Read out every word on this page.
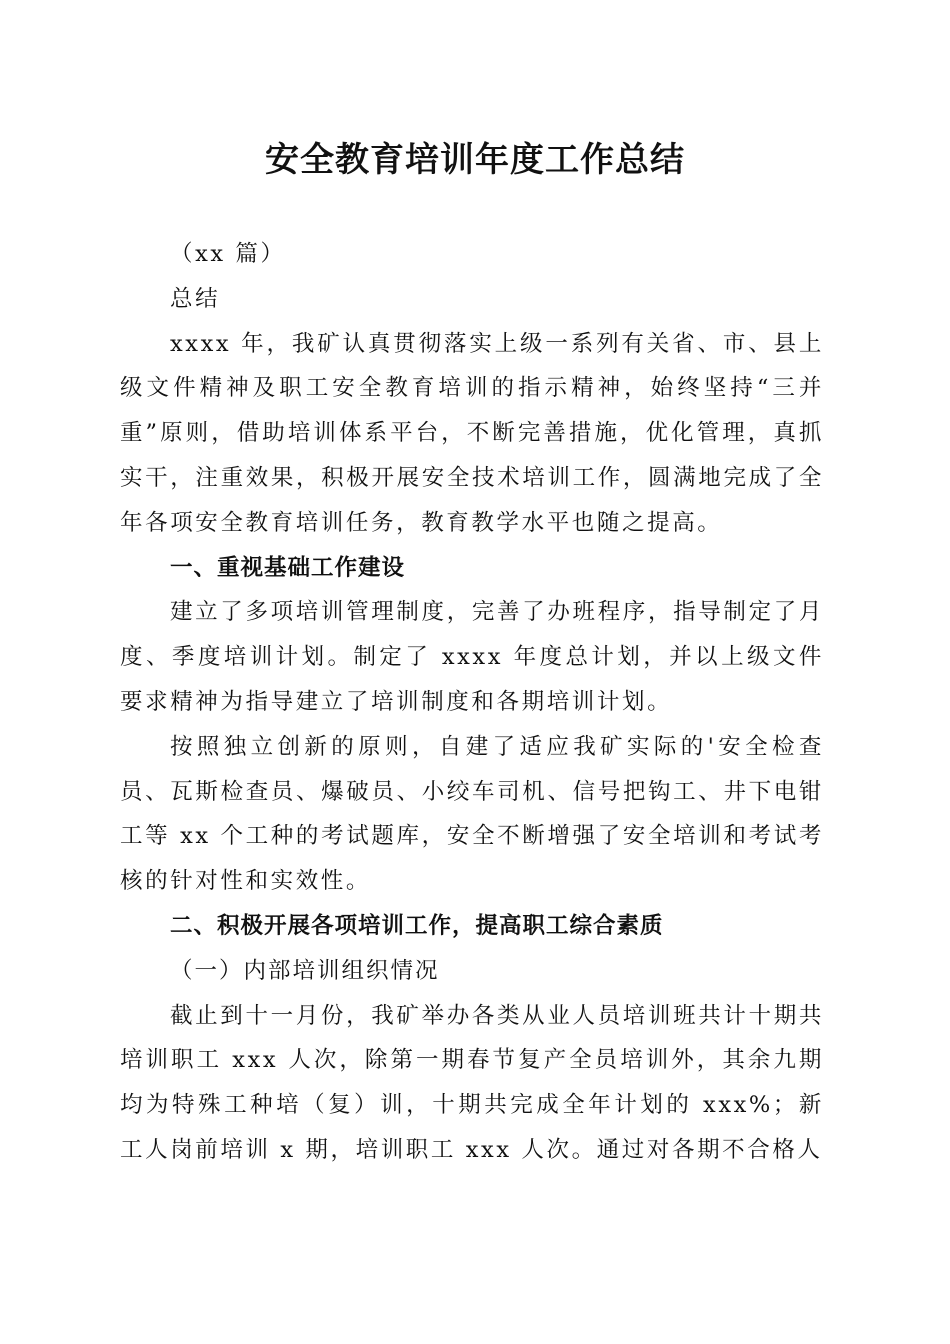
安全教育培训年度工作总结

（xx 篇）

总结

xxxx 年，我矿认真贯彻落实上级一系列有关省、市、县上级文件精神及职工安全教育培训的指示精神，始终坚持“三并重”原则，借助培训体系平台，不断完善措施，优化管理，真抓实干，注重效果，积极开展安全技术培训工作，圆满地完成了全年各项安全教育培训任务，教育教学水平也随之提高。

一、重视基础工作建设

建立了多项培训管理制度，完善了办班程序，指导制定了月度、季度培训计划。制定了 xxxx 年度总计划，并以上级文件要求精神为指导建立了培训制度和各期培训计划。

按照独立创新的原则，自建了适应我矿实际的'安全检查员、瓦斯检查员、爆破员、小绞车司机、信号把钩工、井下电钳工等 xx 个工种的考试题库，安全不断增强了安全培训和考试考核的针对性和实效性。

二、积极开展各项培训工作，提高职工综合素质

（一）内部培训组织情况

截止到十一月份，我矿举办各类从业人员培训班共计十期共培训职工 xxx 人次，除第一期春节复产全员培训外，其余九期均为特殊工种培（复）训，十期共完成全年计划的 xxx%；新工人岗前培训 x 期，培训职工 xxx 人次。通过对各期不合格人
